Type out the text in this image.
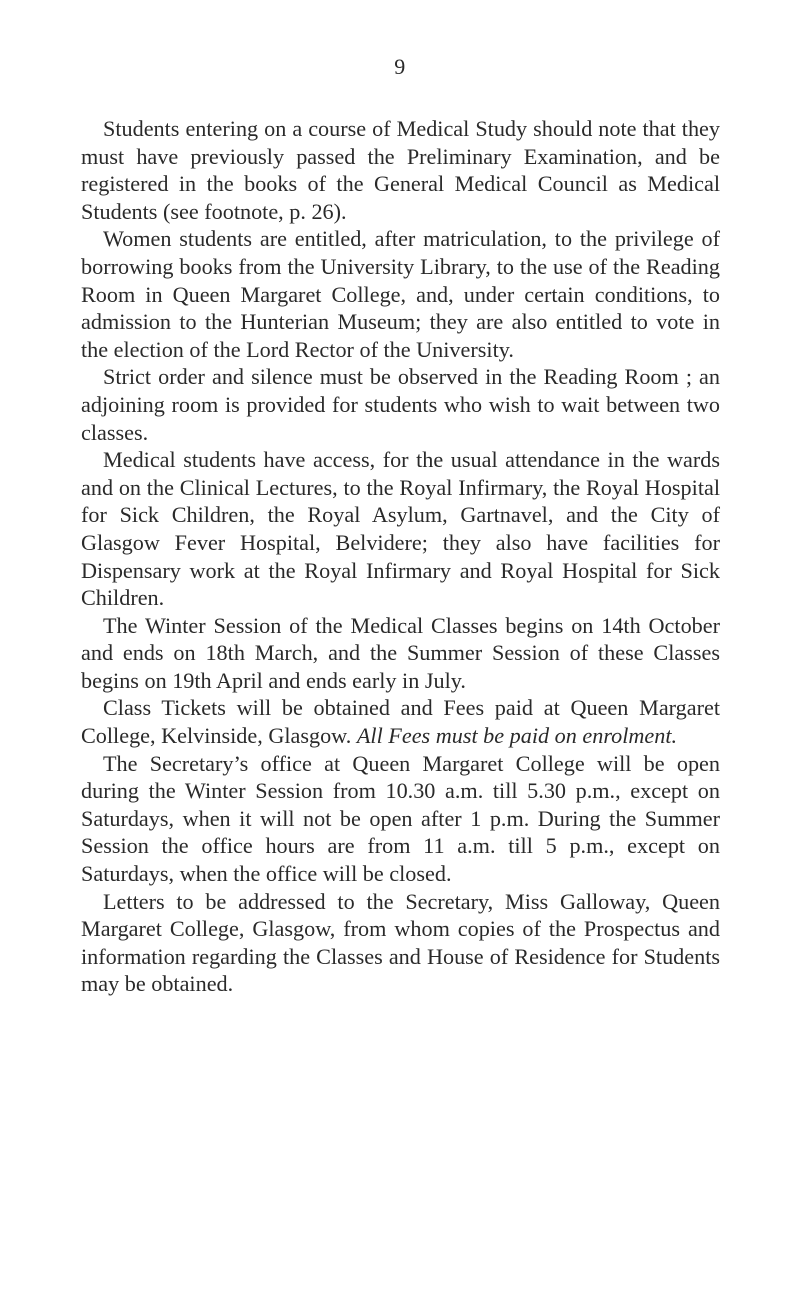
9

Students entering on a course of Medical Study should note that they must have previously passed the Preliminary Examination, and be registered in the books of the General Medical Council as Medical Students (see footnote, p. 26).

Women students are entitled, after matriculation, to the privilege of borrowing books from the University Library, to the use of the Reading Room in Queen Margaret College, and, under certain conditions, to admission to the Hunterian Museum; they are also entitled to vote in the election of the Lord Rector of the University.

Strict order and silence must be observed in the Reading Room ; an adjoining room is provided for students who wish to wait between two classes.

Medical students have access, for the usual attendance in the wards and on the Clinical Lectures, to the Royal Infirmary, the Royal Hospital for Sick Children, the Royal Asylum, Gartnavel, and the City of Glasgow Fever Hospital, Belvidere; they also have facilities for Dispensary work at the Royal Infirmary and Royal Hospital for Sick Children.

The Winter Session of the Medical Classes begins on 14th October and ends on 18th March, and the Summer Session of these Classes begins on 19th April and ends early in July.

Class Tickets will be obtained and Fees paid at Queen Margaret College, Kelvinside, Glasgow. All Fees must be paid on enrolment.

The Secretary’s office at Queen Margaret College will be open during the Winter Session from 10.30 a.m. till 5.30 p.m., except on Saturdays, when it will not be open after 1 p.m. During the Summer Session the office hours are from 11 a.m. till 5 p.m., except on Saturdays, when the office will be closed.

Letters to be addressed to the Secretary, Miss Galloway, Queen Margaret College, Glasgow, from whom copies of the Prospectus and information regarding the Classes and House of Residence for Students may be obtained.
